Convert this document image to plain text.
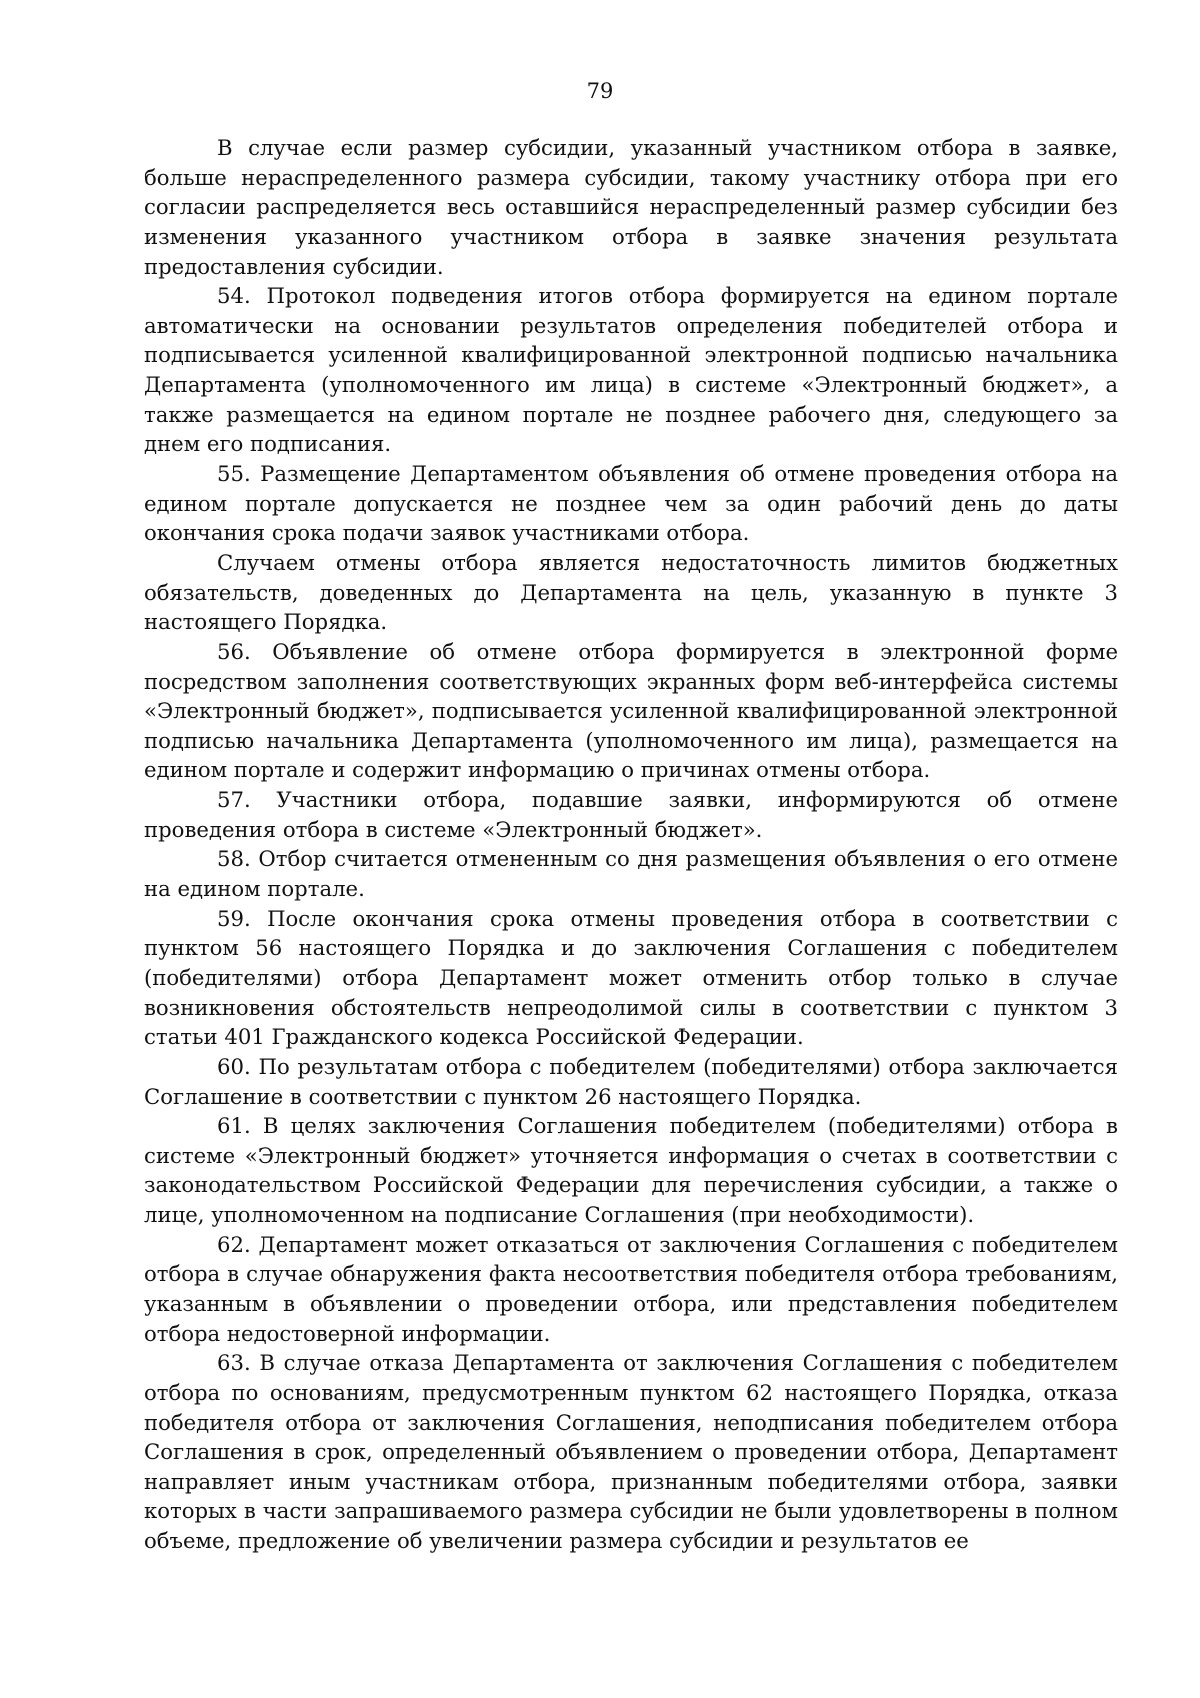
79

В случае если размер субсидии, указанный участником отбора в заявке, больше нераспределенного размера субсидии, такому участнику отбора при его согласии распределяется весь оставшийся нераспределенный размер субсидии без изменения указанного участником отбора в заявке значения результата предоставления субсидии.

54. Протокол подведения итогов отбора формируется на едином портале автоматически на основании результатов определения победителей отбора и подписывается усиленной квалифицированной электронной подписью начальника Департамента (уполномоченного им лица) в системе «Электронный бюджет», а также размещается на едином портале не позднее рабочего дня, следующего за днем его подписания.

55. Размещение Департаментом объявления об отмене проведения отбора на едином портале допускается не позднее чем за один рабочий день до даты окончания срока подачи заявок участниками отбора.

Случаем отмены отбора является недостаточность лимитов бюджетных обязательств, доведенных до Департамента на цель, указанную в пункте 3 настоящего Порядка.

56. Объявление об отмене отбора формируется в электронной форме посредством заполнения соответствующих экранных форм веб-интерфейса системы «Электронный бюджет», подписывается усиленной квалифицированной электронной подписью начальника Департамента (уполномоченного им лица), размещается на едином портале и содержит информацию о причинах отмены отбора.

57. Участники отбора, подавшие заявки, информируются об отмене проведения отбора в системе «Электронный бюджет».

58. Отбор считается отмененным со дня размещения объявления о его отмене на едином портале.

59. После окончания срока отмены проведения отбора в соответствии с пунктом 56 настоящего Порядка и до заключения Соглашения с победителем (победителями) отбора Департамент может отменить отбор только в случае возникновения обстоятельств непреодолимой силы в соответствии с пунктом 3 статьи 401 Гражданского кодекса Российской Федерации.

60. По результатам отбора с победителем (победителями) отбора заключается Соглашение в соответствии с пунктом 26 настоящего Порядка.

61. В целях заключения Соглашения победителем (победителями) отбора в системе «Электронный бюджет» уточняется информация о счетах в соответствии с законодательством Российской Федерации для перечисления субсидии, а также о лице, уполномоченном на подписание Соглашения (при необходимости).

62. Департамент может отказаться от заключения Соглашения с победителем отбора в случае обнаружения факта несоответствия победителя отбора требованиям, указанным в объявлении о проведении отбора, или представления победителем отбора недостоверной информации.

63. В случае отказа Департамента от заключения Соглашения с победителем отбора по основаниям, предусмотренным пунктом 62 настоящего Порядка, отказа победителя отбора от заключения Соглашения, неподписания победителем отбора Соглашения в срок, определенный объявлением о проведении отбора, Департамент направляет иным участникам отбора, признанным победителями отбора, заявки которых в части запрашиваемого размера субсидии не были удовлетворены в полном объеме, предложение об увеличении размера субсидии и результатов ее
